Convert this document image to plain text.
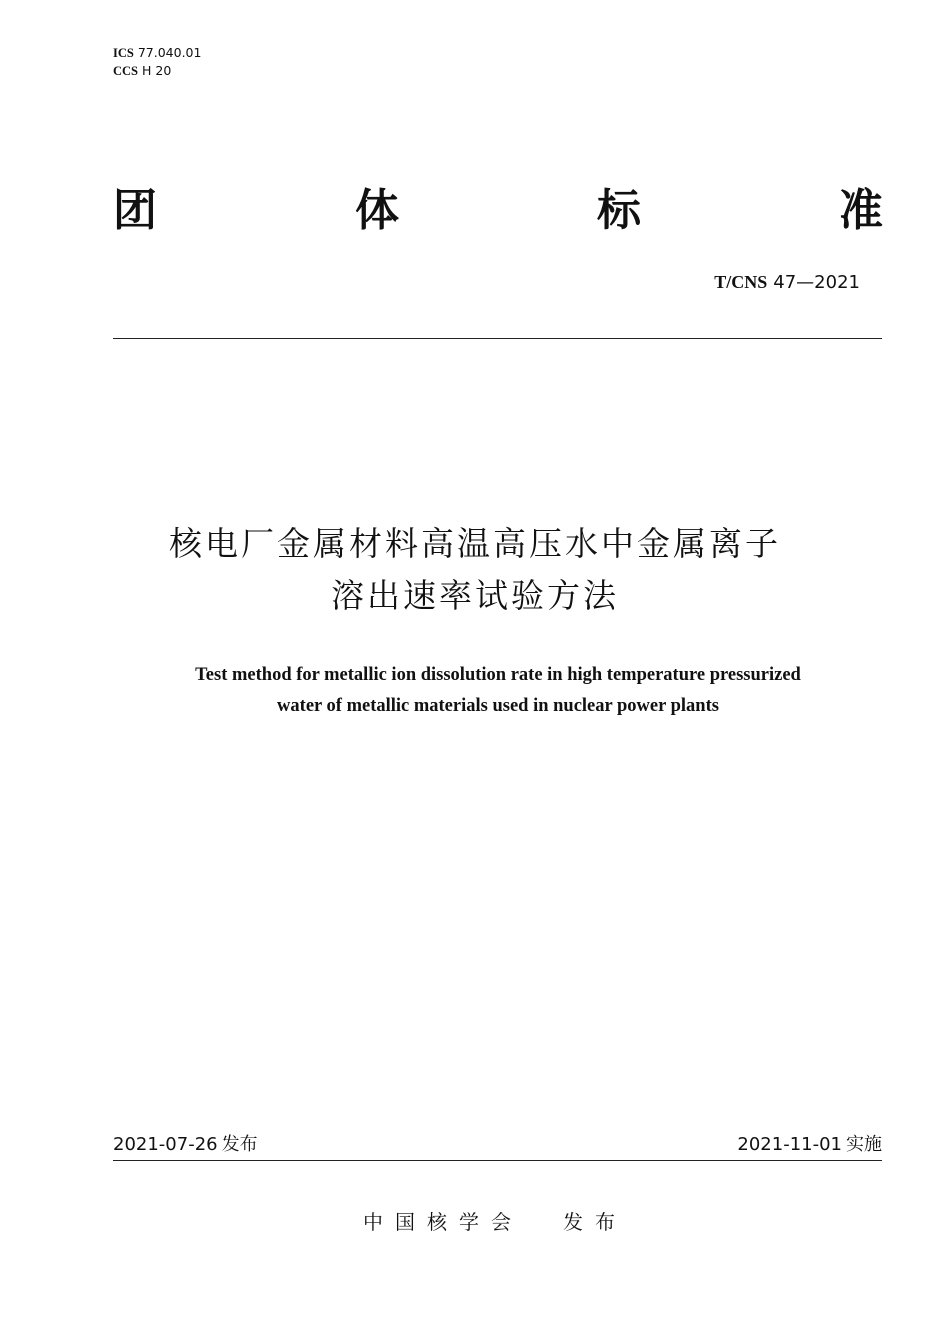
ICS 77.040.01
CCS H 20
团	体	标	准
T/CNS 47—2021
核电厂金属材料高温高压水中金属离子
溶出速率试验方法
Test method for metallic ion dissolution rate in high temperature pressurized
water of metallic materials used in nuclear power plants
2021-07-26 发布	2021-11-01 实施
中国核学会 发布
